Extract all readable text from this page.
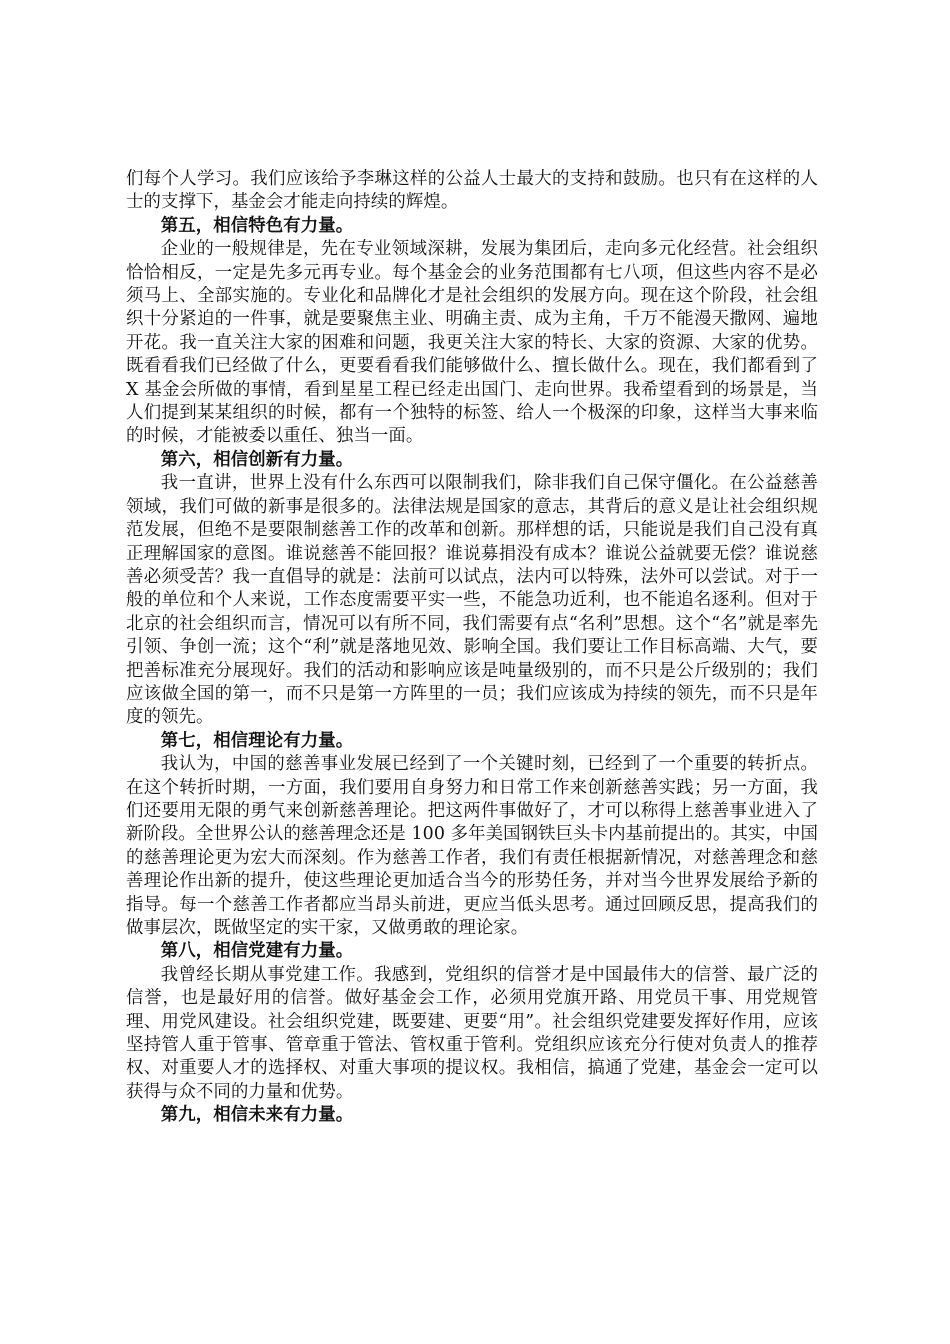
们每个人学习。我们应该给予李琳这样的公益人士最大的支持和鼓励。也只有在这样的人士的支撑下，基金会才能走向持续的辉煌。

第五，相信特色有力量。

企业的一般规律是，先在专业领域深耕，发展为集团后，走向多元化经营。社会组织恰恰相反，一定是先多元再专业。每个基金会的业务范围都有七八项，但这些内容不是必须马上、全部实施的。专业化和品牌化才是社会组织的发展方向。现在这个阶段，社会组织十分紧迫的一件事，就是要聚焦主业、明确主责、成为主角，千万不能漫天撒网、遍地开花。我一直关注大家的困难和问题，我更关注大家的特长、大家的资源、大家的优势。既看看我们已经做了什么，更要看看我们能够做什么、擅长做什么。现在，我们都看到了 X 基金会所做的事情，看到星星工程已经走出国门、走向世界。我希望看到的场景是，当人们提到某某组织的时候，都有一个独特的标签、给人一个极深的印象，这样当大事来临的时候，才能被委以重任、独当一面。

第六，相信创新有力量。

我一直讲，世界上没有什么东西可以限制我们，除非我们自己保守僵化。在公益慈善领域，我们可做的新事是很多的。法律法规是国家的意志，其背后的意义是让社会组织规范发展，但绝不是要限制慈善工作的改革和创新。那样想的话，只能说是我们自己没有真正理解国家的意图。谁说慈善不能回报？谁说募捐没有成本？谁说公益就要无偿？谁说慈善必须受苦？我一直倡导的就是：法前可以试点，法内可以特殊，法外可以尝试。对于一般的单位和个人来说，工作态度需要平实一些，不能急功近利，也不能追名逐利。但对于北京的社会组织而言，情况可以有所不同，我们需要有点“名利”思想。这个“名”就是率先引领、争创一流；这个“利”就是落地见效、影响全国。我们要让工作目标高端、大气，要把善标准充分展现好。我们的活动和影响应该是吨量级别的，而不只是公斤级别的；我们应该做全国的第一，而不只是第一方阵里的一员；我们应该成为持续的领先，而不只是年度的领先。

第七，相信理论有力量。

我认为，中国的慈善事业发展已经到了一个关键时刻，已经到了一个重要的转折点。在这个转折时期，一方面，我们要用自身努力和日常工作来创新慈善实践；另一方面，我们还要用无限的勇气来创新慈善理论。把这两件事做好了，才可以称得上慈善事业进入了新阶段。全世界公认的慈善理念还是 100 多年美国钢铁巨头卡内基前提出的。其实，中国的慈善理论更为宏大而深刻。作为慈善工作者，我们有责任根据新情况，对慈善理念和慈善理论作出新的提升，使这些理论更加适合当今的形势任务，并对当今世界发展给予新的指导。每一个慈善工作者都应当昂头前进，更应当低头思考。通过回顾反思，提高我们的做事层次，既做坚定的实干家，又做勇敢的理论家。

第八，相信党建有力量。

我曾经长期从事党建工作。我感到，党组织的信誉才是中国最伟大的信誉、最广泛的信誉，也是最好用的信誉。做好基金会工作，必须用党旗开路、用党员干事、用党规管理、用党风建设。社会组织党建，既要建、更要“用”。社会组织党建要发挥好作用，应该坚持管人重于管事、管章重于管法、管权重于管利。党组织应该充分行使对负责人的推荐权、对重要人才的选择权、对重大事项的提议权。我相信，搞通了党建，基金会一定可以获得与众不同的力量和优势。

第九，相信未来有力量。
